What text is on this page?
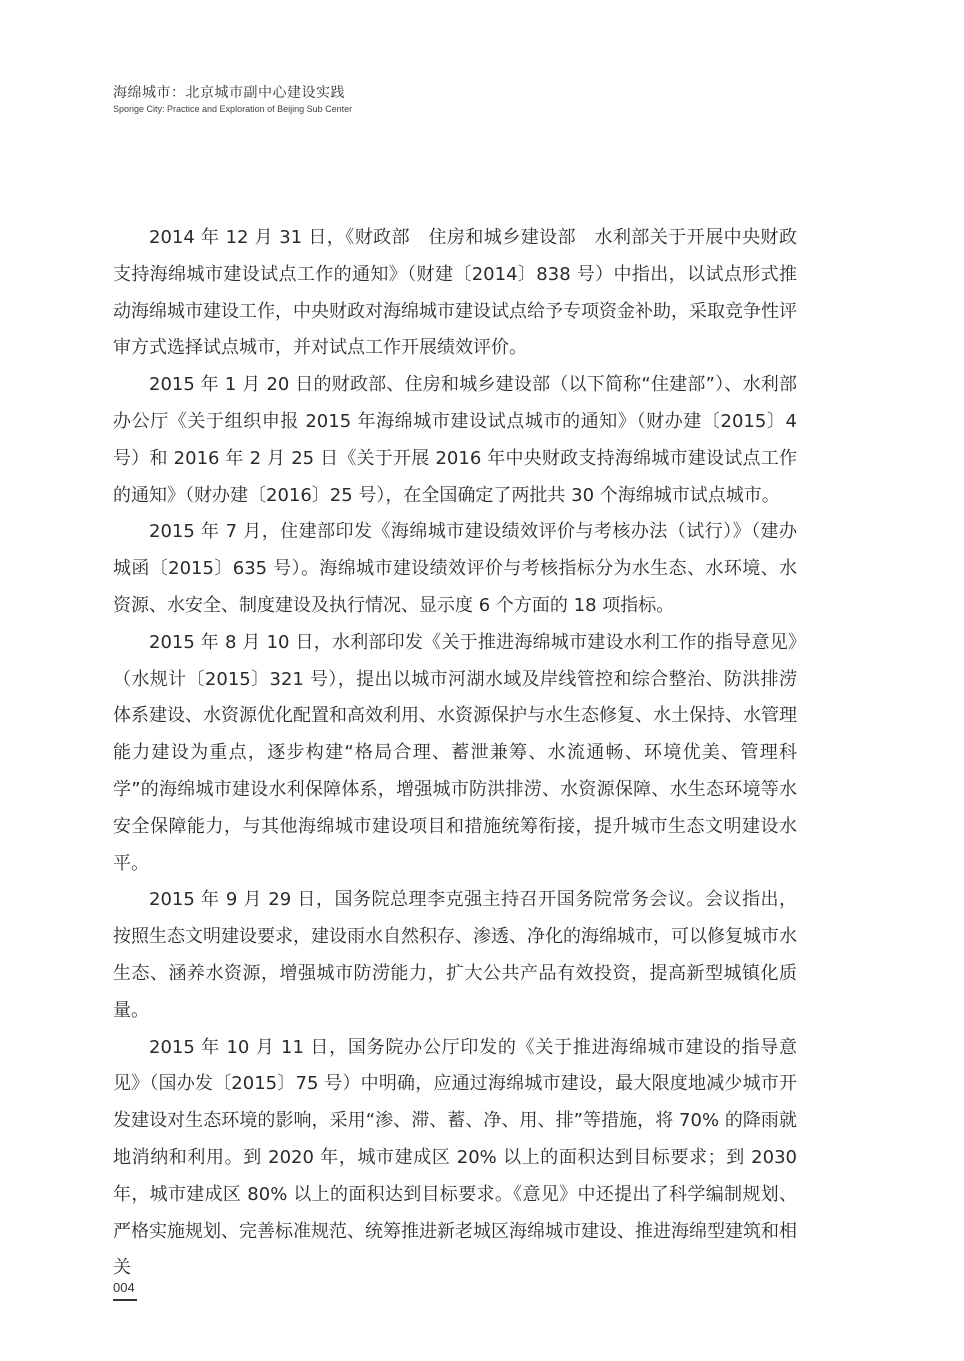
海绵城市：北京城市副中心建设实践
Sponge City: Practice and Exploration of Beijing Sub Center

2014 年 12 月 31 日，《财政部　住房和城乡建设部　水利部关于开展中央财政支持海绵城市建设试点工作的通知》（财建〔2014〕838 号）中指出，以试点形式推动海绵城市建设工作，中央财政对海绵城市建设试点给予专项资金补助，采取竞争性评审方式选择试点城市，并对试点工作开展绩效评价。

2015 年 1 月 20 日的财政部、住房和城乡建设部（以下简称“住建部”）、水利部办公厅《关于组织申报 2015 年海绵城市建设试点城市的通知》（财办建〔2015〕4 号）和 2016 年 2 月 25 日《关于开展 2016 年中央财政支持海绵城市建设试点工作的通知》（财办建〔2016〕25 号），在全国确定了两批共 30 个海绵城市试点城市。

2015 年 7 月，住建部印发《海绵城市建设绩效评价与考核办法（试行）》（建办城函〔2015〕635 号）。海绵城市建设绩效评价与考核指标分为水生态、水环境、水资源、水安全、制度建设及执行情况、显示度 6 个方面的 18 项指标。

2015 年 8 月 10 日，水利部印发《关于推进海绵城市建设水利工作的指导意见》（水规计〔2015〕321 号），提出以城市河湖水域及岸线管控和综合整治、防洪排涝体系建设、水资源优化配置和高效利用、水资源保护与水生态修复、水土保持、水管理能力建设为重点，逐步构建“格局合理、蓄泄兼筹、水流通畅、环境优美、管理科学”的海绵城市建设水利保障体系，增强城市防洪排涝、水资源保障、水生态环境等水安全保障能力，与其他海绵城市建设项目和措施统筹衔接，提升城市生态文明建设水平。

2015 年 9 月 29 日，国务院总理李克强主持召开国务院常务会议。会议指出，按照生态文明建设要求，建设雨水自然积存、渗透、净化的海绵城市，可以修复城市水生态、涵养水资源，增强城市防涝能力，扩大公共产品有效投资，提高新型城镇化质量。

2015 年 10 月 11 日，国务院办公厅印发的《关于推进海绵城市建设的指导意见》（国办发〔2015〕75 号）中明确，应通过海绵城市建设，最大限度地减少城市开发建设对生态环境的影响，采用“渗、滞、蓄、净、用、排”等措施，将 70% 的降雨就地消纳和利用。到 2020 年，城市建成区 20% 以上的面积达到目标要求；到 2030 年，城市建成区 80% 以上的面积达到目标要求。《意见》中还提出了科学编制规划、严格实施规划、完善标准规范、统筹推进新老城区海绵城市建设、推进海绵型建筑和相关

004
